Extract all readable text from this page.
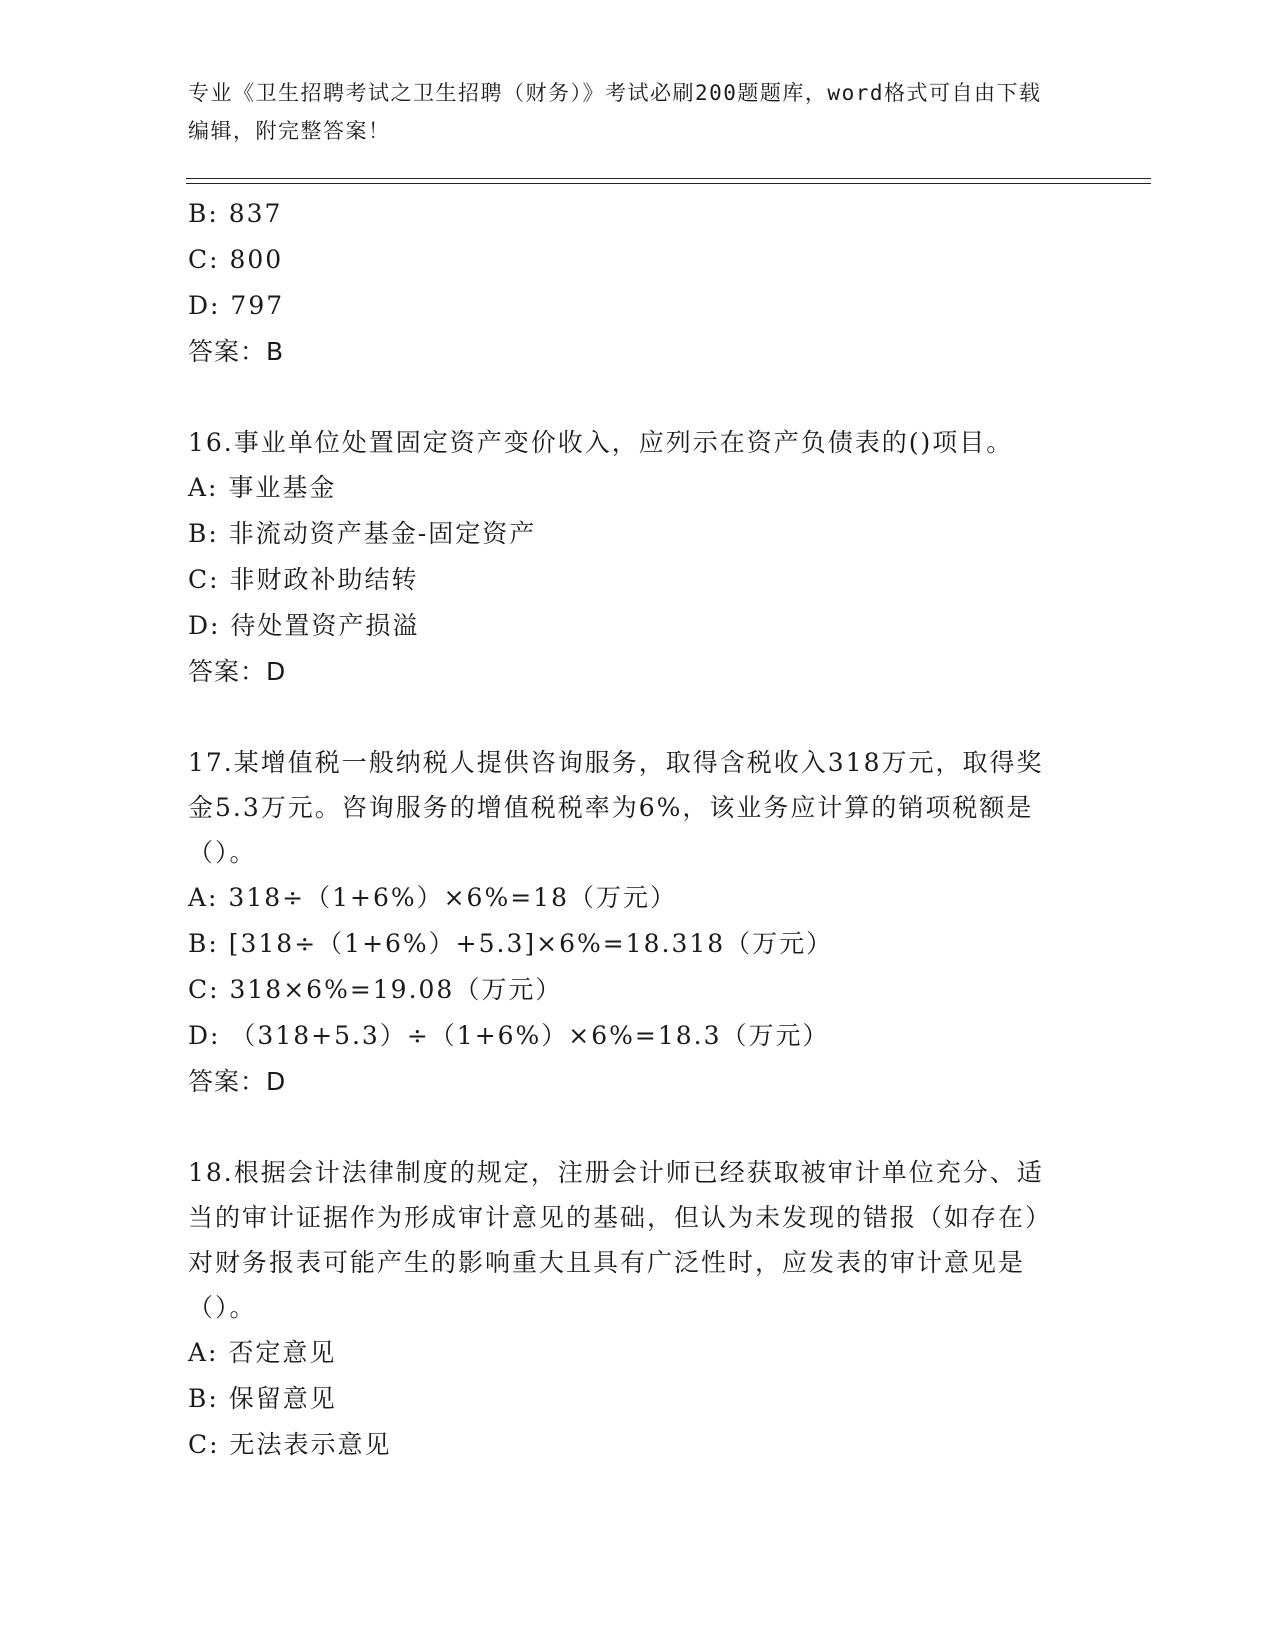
专业《卫生招聘考试之卫生招聘（财务）》考试必刷200题题库，word格式可自由下载编辑，附完整答案！

B: 837

C: 800

D: 797

答案：B

16.事业单位处置固定资产变价收入，应列示在资产负债表的()项目。

A: 事业基金

B: 非流动资产基金-固定资产

C: 非财政补助结转

D: 待处置资产损溢

答案：D

17.某增值税一般纳税人提供咨询服务，取得含税收入318万元，取得奖金5.3万元。咨询服务的增值税税率为6%，该业务应计算的销项税额是（）。

A: 318÷（1+6%）×6%=18（万元）

B: [318÷（1+6%）+5.3]×6%=18.318（万元）

C: 318×6%=19.08（万元）

D: （318+5.3）÷（1+6%）×6%=18.3（万元）

答案：D

18.根据会计法律制度的规定，注册会计师已经获取被审计单位充分、适当的审计证据作为形成审计意见的基础，但认为未发现的错报（如存在）对财务报表可能产生的影响重大且具有广泛性时，应发表的审计意见是（）。

A: 否定意见

B: 保留意见

C: 无法表示意见
